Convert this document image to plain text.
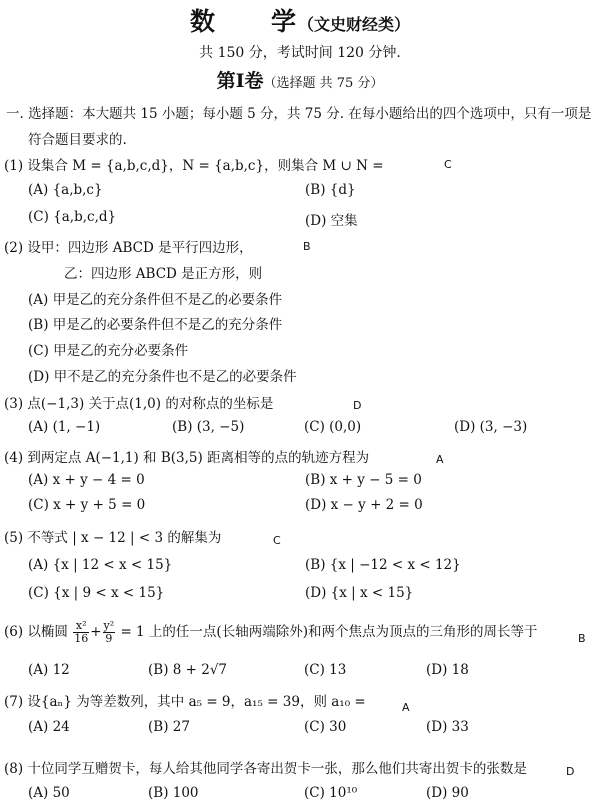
数　　学（文史财经类）
共 150 分，考试时间 120 分钟.
第Ⅰ卷（选择题 共 75 分）
一. 选择题：本大题共 15 小题；每小题 5 分，共 75 分. 在每小题给出的四个选项中，只有一项是
符合题目要求的.
(1) 设集合 M = {a,b,c,d}，N = {a,b,c}，则集合 M ∪ N =	C
(A) {a,b,c}	(B) {d}
(C) {a,b,c,d}	(D) 空集
(2) 设甲：四边形 ABCD 是平行四边形，	B
乙：四边形 ABCD 是正方形，则
(A) 甲是乙的充分条件但不是乙的必要条件
(B) 甲是乙的必要条件但不是乙的充分条件
(C) 甲是乙的充分必要条件
(D) 甲不是乙的充分条件也不是乙的必要条件
(3) 点(−1,3) 关于点(1,0) 的对称点的坐标是	D
(A) (1, −1)	(B) (3, −5)	(C) (0,0)	(D) (3, −3)
(4) 到两定点 A(−1,1) 和 B(3,5) 距离相等的点的轨迹方程为	A
(A) x + y − 4 = 0	(B) x + y − 5 = 0
(C) x + y + 5 = 0	(D) x − y + 2 = 0
(5) 不等式 | x − 12 | < 3 的解集为	C
(A) {x | 12 < x < 15}	(B) {x | −12 < x < 12}
(C) {x | 9 < x < 15}	(D) {x | x < 15}
(6) 以椭圆 $\frac{\text{x²}}{16} + \frac{\text{y²}}{9} = 1$ 上的任一点(长轴两端除外)和两个焦点为顶点的三角形的周长等于	B
(A) 12	(B) 8 + 2√7	(C) 13	(D) 18
(7) 设{aₙ} 为等差数列，其中 a₅ = 9，a₁₅ = 39，则 a₁₀ =	A
(A) 24	(B) 27	(C) 30	(D) 33
(8) 十位同学互赠贺卡，每人给其他同学各寄出贺卡一张，那么他们共寄出贺卡的张数是	D
(A) 50	(B) 100	(C) 10¹⁰	(D) 90
